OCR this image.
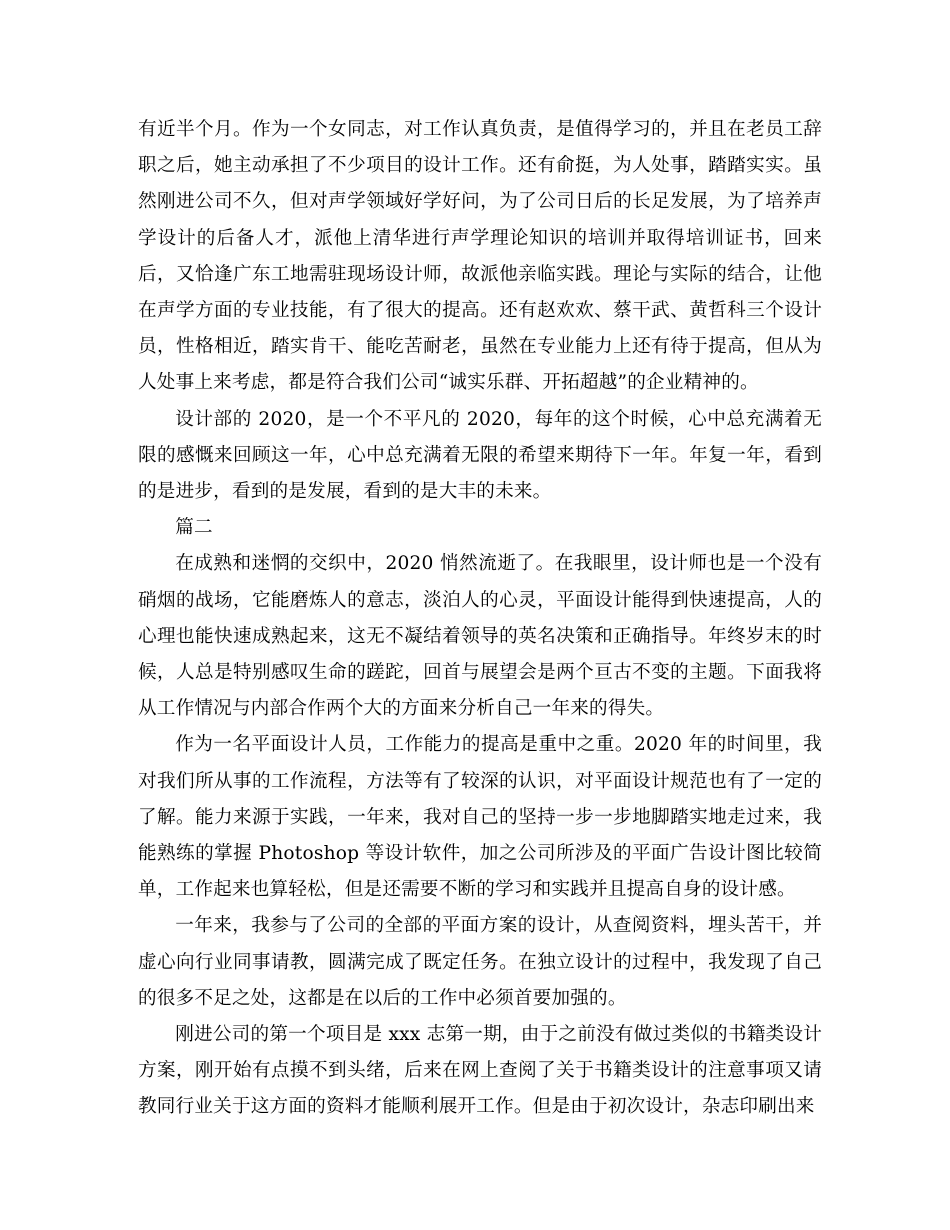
有近半个月。作为一个女同志，对工作认真负责，是值得学习的，并且在老员工辞职之后，她主动承担了不少项目的设计工作。还有俞挺，为人处事，踏踏实实。虽然刚进公司不久，但对声学领域好学好问，为了公司日后的长足发展，为了培养声学设计的后备人才，派他上清华进行声学理论知识的培训并取得培训证书，回来后，又恰逢广东工地需驻现场设计师，故派他亲临实践。理论与实际的结合，让他在声学方面的专业技能，有了很大的提高。还有赵欢欢、蔡干武、黄哲科三个设计员，性格相近，踏实肯干、能吃苦耐老，虽然在专业能力上还有待于提高，但从为人处事上来考虑，都是符合我们公司“诚实乐群、开拓超越”的企业精神的。

设计部的 2020，是一个不平凡的 2020，每年的这个时候，心中总充满着无限的感慨来回顾这一年，心中总充满着无限的希望来期待下一年。年复一年，看到的是进步，看到的是发展，看到的是大丰的未来。

篇二

在成熟和迷惘的交织中，2020 悄然流逝了。在我眼里，设计师也是一个没有硝烟的战场，它能磨炼人的意志，淡泊人的心灵，平面设计能得到快速提高，人的心理也能快速成熟起来，这无不凝结着领导的英名决策和正确指导。年终岁末的时候，人总是特别感叹生命的蹉跎，回首与展望会是两个亘古不变的主题。下面我将从工作情况与内部合作两个大的方面来分析自己一年来的得失。

作为一名平面设计人员，工作能力的提高是重中之重。2020 年的时间里，我对我们所从事的工作流程，方法等有了较深的认识，对平面设计规范也有了一定的了解。能力来源于实践，一年来，我对自己的坚持一步一步地脚踏实地走过来，我能熟练的掌握 Photoshop 等设计软件，加之公司所涉及的平面广告设计图比较简单，工作起来也算轻松，但是还需要不断的学习和实践并且提高自身的设计感。

一年来，我参与了公司的全部的平面方案的设计，从查阅资料，埋头苦干，并虚心向行业同事请教，圆满完成了既定任务。在独立设计的过程中，我发现了自己的很多不足之处，这都是在以后的工作中必须首要加强的。

刚进公司的第一个项目是 xxx 志第一期，由于之前没有做过类似的书籍类设计方案，刚开始有点摸不到头绪，后来在网上查阅了关于书籍类设计的注意事项又请教同行业关于这方面的资料才能顺利展开工作。但是由于初次设计，杂志印刷出来
